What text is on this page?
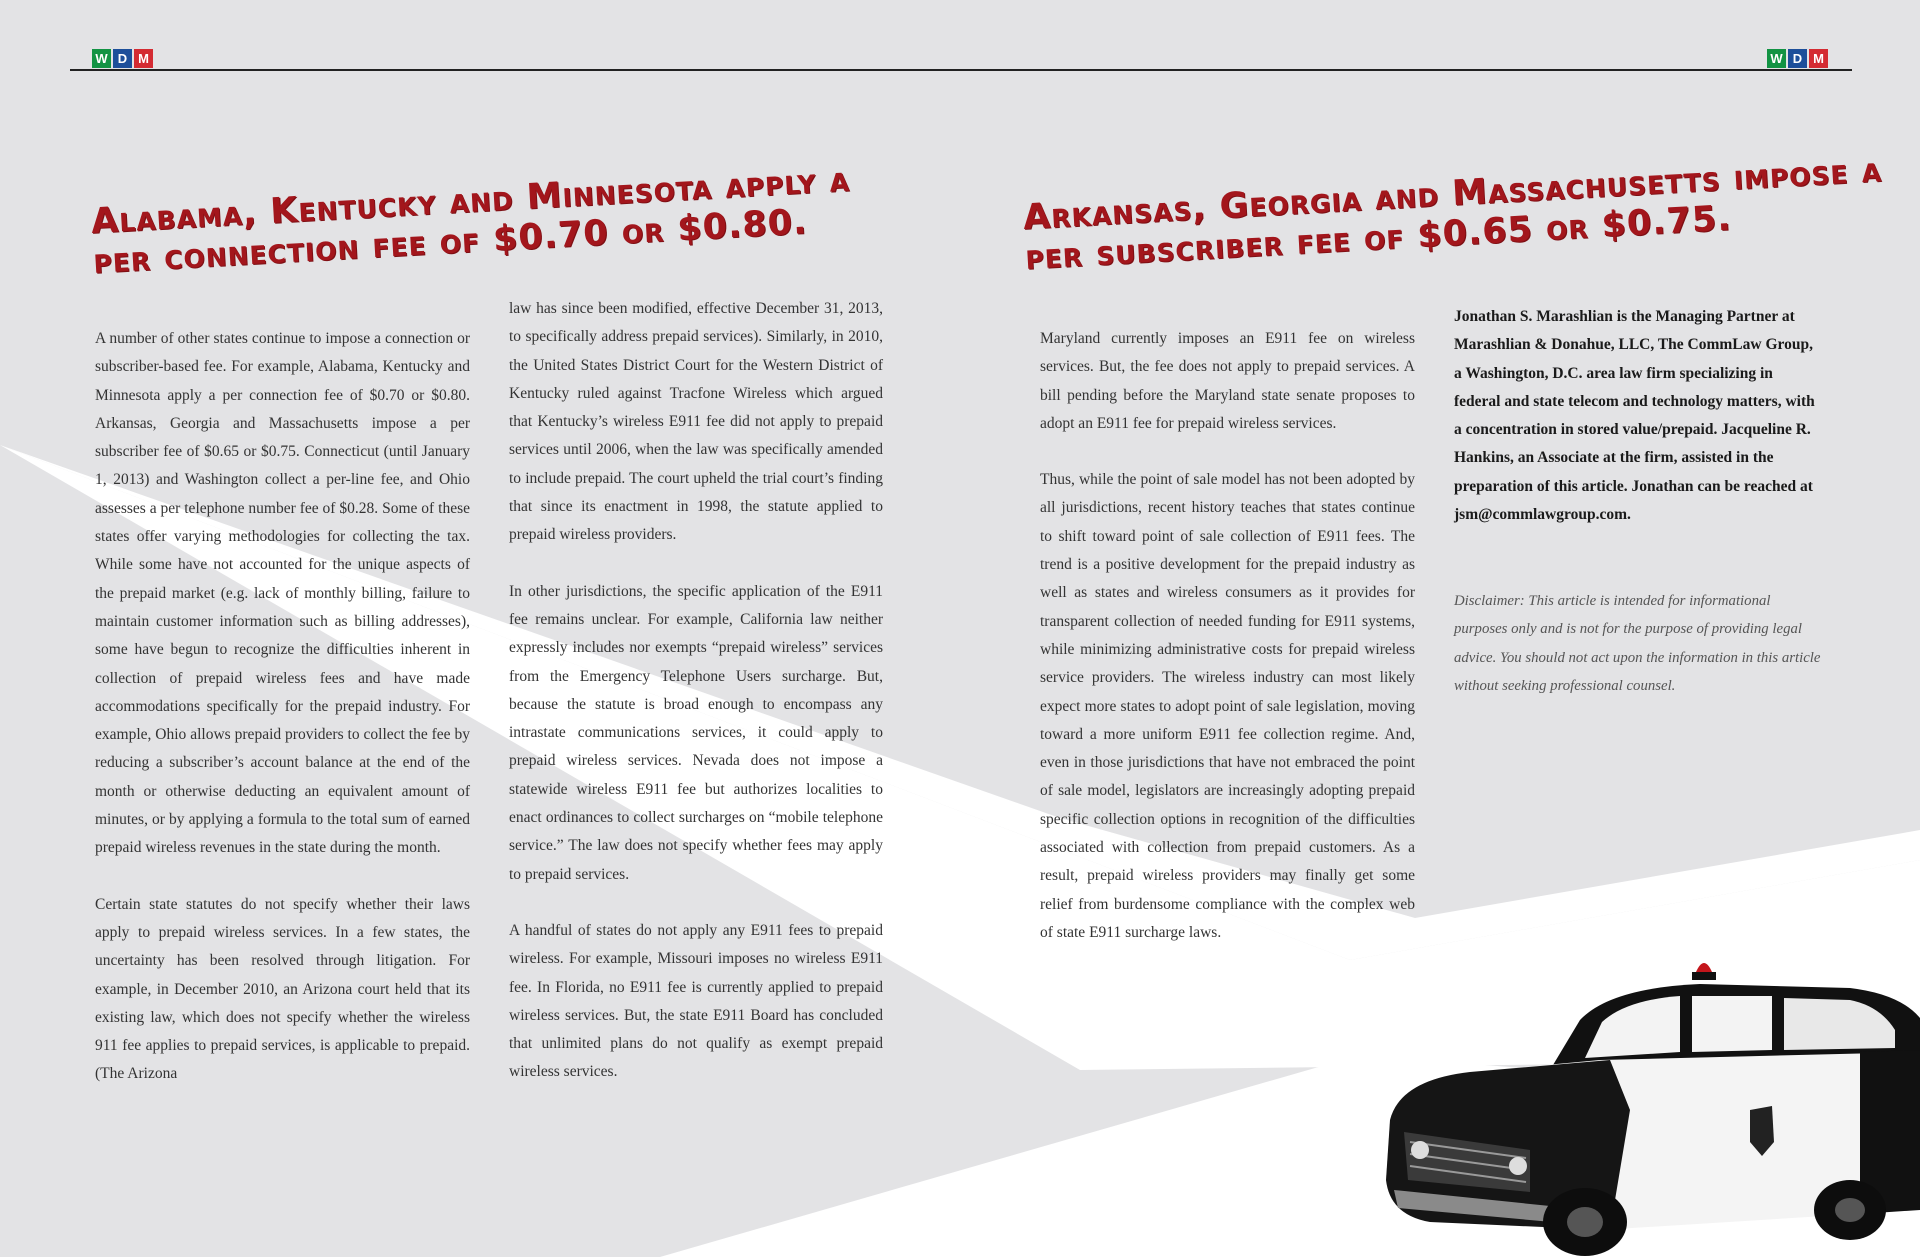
W D M	W D M
Alabama, Kentucky and Minnesota apply a per connection fee of $0.70 or $0.80.
Arkansas, Georgia and Massachusetts impose a per subscriber fee of $0.65 or $0.75.

A number of other states continue to impose a connection or subscriber-based fee. For example, Alabama, Kentucky and Minnesota apply a per connection fee of $0.70 or $0.80. Arkansas, Georgia and Massachusetts impose a per subscriber fee of $0.65 or $0.75. Connecticut (until January 1, 2013) and Washington collect a per-line fee, and Ohio assesses a per telephone number fee of $0.28. Some of these states offer varying methodologies for collecting the tax. While some have not accounted for the unique aspects of the prepaid market (e.g. lack of monthly billing, failure to maintain customer information such as billing addresses), some have begun to recognize the difficulties inherent in collection of prepaid wireless fees and have made accommodations specifically for the prepaid industry. For example, Ohio allows prepaid providers to collect the fee by reducing a subscriber’s account balance at the end of the month or otherwise deducting an equivalent amount of minutes, or by applying a formula to the total sum of earned prepaid wireless revenues in the state during the month.

Certain state statutes do not specify whether their laws apply to prepaid wireless services. In a few states, the uncertainty has been resolved through litigation. For example, in December 2010, an Arizona court held that its existing law, which does not specify whether the wireless 911 fee applies to prepaid services, is applicable to prepaid. (The Arizona

law has since been modified, effective December 31, 2013, to specifically address prepaid services). Similarly, in 2010, the United States District Court for the Western District of Kentucky ruled against Tracfone Wireless which argued that Kentucky’s wireless E911 fee did not apply to prepaid services until 2006, when the law was specifically amended to include prepaid. The court upheld the trial court’s finding that since its enactment in 1998, the statute applied to prepaid wireless providers.

In other jurisdictions, the specific application of the E911 fee remains unclear. For example, California law neither expressly includes nor exempts “prepaid wireless” services from the Emergency Telephone Users surcharge. But, because the statute is broad enough to encompass any intrastate communications services, it could apply to prepaid wireless services. Nevada does not impose a statewide wireless E911 fee but authorizes localities to enact ordinances to collect surcharges on “mobile telephone service.” The law does not specify whether fees may apply to prepaid services.

A handful of states do not apply any E911 fees to prepaid wireless. For example, Missouri imposes no wireless E911 fee. In Florida, no E911 fee is currently applied to prepaid wireless services. But, the state E911 Board has concluded that unlimited plans do not qualify as exempt prepaid wireless services.

Maryland currently imposes an E911 fee on wireless services. But, the fee does not apply to prepaid services. A bill pending before the Maryland state senate proposes to adopt an E911 fee for prepaid wireless services.

Thus, while the point of sale model has not been adopted by all jurisdictions, recent history teaches that states continue to shift toward point of sale collection of E911 fees. The trend is a positive development for the prepaid industry as well as states and wireless consumers as it provides for transparent collection of needed funding for E911 systems, while minimizing administrative costs for prepaid wireless service providers. The wireless industry can most likely expect more states to adopt point of sale legislation, moving toward a more uniform E911 fee collection regime. And, even in those jurisdictions that have not embraced the point of sale model, legislators are increasingly adopting prepaid specific collection options in recognition of the difficulties associated with collection from prepaid customers. As a result, prepaid wireless providers may finally get some relief from burdensome compliance with the complex web of state E911 surcharge laws.

Jonathan S. Marashlian is the Managing Partner at Marashlian & Donahue, LLC, The CommLaw Group, a Washington, D.C. area law firm specializing in federal and state telecom and technology matters, with a concentration in stored value/prepaid. Jacqueline R. Hankins, an Associate at the firm, assisted in the preparation of this article. Jonathan can be reached at jsm@commlawgroup.com.
Disclaimer: This article is intended for informational purposes only and is not for the purpose of providing legal advice. You should not act upon the information in this article without seeking professional counsel.
